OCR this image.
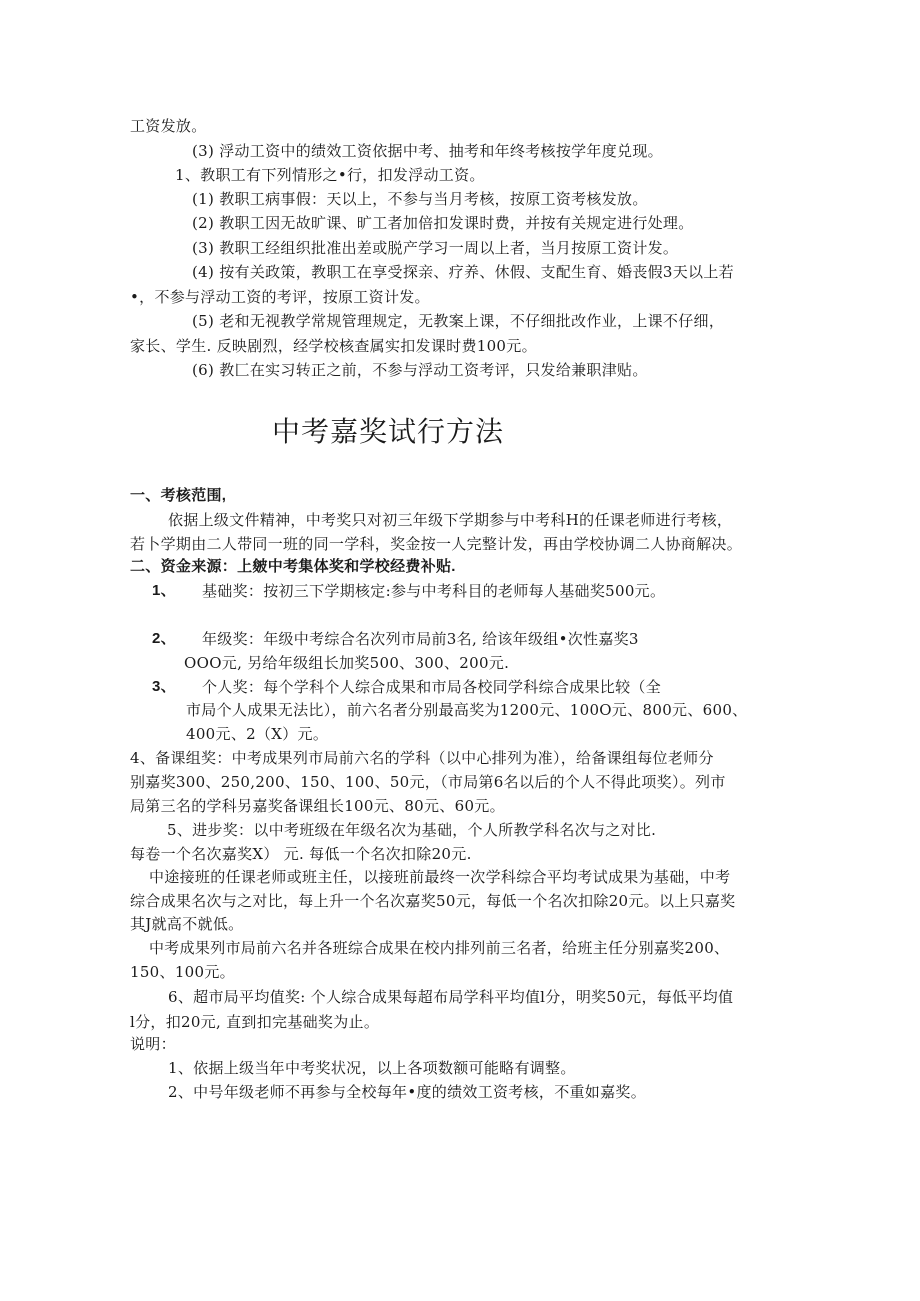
工资发放。
(3) 浮动工资中的绩效工资依据中考、抽考和年终考核按学年度兑现。
1、教职工有下列情形之•行，扣发浮动工资。
(1) 教职工病事假：天以上，不参与当月考核，按原工资考核发放。
(2) 教职工因无故旷课、旷工者加倍扣发课时费，并按有关规定进行处理。
(3) 教职工经组织批准出差或脱产学习一周以上者，当月按原工资计发。
(4) 按有关政策，教职工在享受探亲、疗养、休假、支配生育、婚丧假3天以上若
•，不参与浮动工资的考评，按原工资计发。
(5) 老和无视教学常规管理规定，无教案上课，不仔细批改作业，上课不仔细，
家长、学生. 反映剧烈，经学校核查属实扣发课时费100元。
(6) 教匚在实习转正之前，不参与浮动工资考评，只发给兼职津贴。
中考嘉奖试行方法
一、考核范围,
依据上级文件精神，中考奖只对初三年级下学期参与中考科H的任课老师进行考核，
若卜学期由二人带同一班的同一学科，奖金按一人完整计发，再由学校协调二人协商解决。
二、资金来源：上皴中考集体奖和学校经费补贴.
1、 基础奖：按初三下学期核定:参与中考科目的老师每人基础奖500元。
2、 年级奖：年级中考综合名次列市局前3名, 给该年级组•次性嘉奖3
OOO元, 另给年级组长加奖500、300、200元.
3、 个人奖：每个学科个人综合成果和市局各校同学科综合成果比较（全
市局个人成果无法比），前六名者分别最高奖为1200元、100O元、800元、600、
400元、2（X）元。
4、备课组奖：中考成果列市局前六名的学科（以中心排列为准），给备课组每位老师分
别嘉奖300、250,200、150、100、50元，（市局第6名以后的个人不得此项奖）。列市
局第三名的学科另嘉奖备课组长100元、80元、60元。
5、进步奖：以中考班级在年级名次为基础，个人所教学科名次与之对比.
每卷一个名次嘉奖X） 元. 每低一个名次扣除20元.
中途接班的任课老师或班主任，以接班前最终一次学科综合平均考试成果为基础，中考
综合成果名次与之对比，每上升一个名次嘉奖50元，每低一个名次扣除20元。以上只嘉奖
其J就高不就低。
中考成果列市局前六名并各班综合成果在校内排列前三名者，给班主任分别嘉奖200、
150、100元。
6、超市局平均值奖: 个人综合成果每超布局学科平均值l分，明奖50元，每低平均值
l分，扣20元, 直到扣完基础奖为止。
说明：
1、依据上级当年中考奖状况，以上各项数额可能略有调整。
2、中号年级老师不再参与全校每年•度的绩效工资考核，不重如嘉奖。
